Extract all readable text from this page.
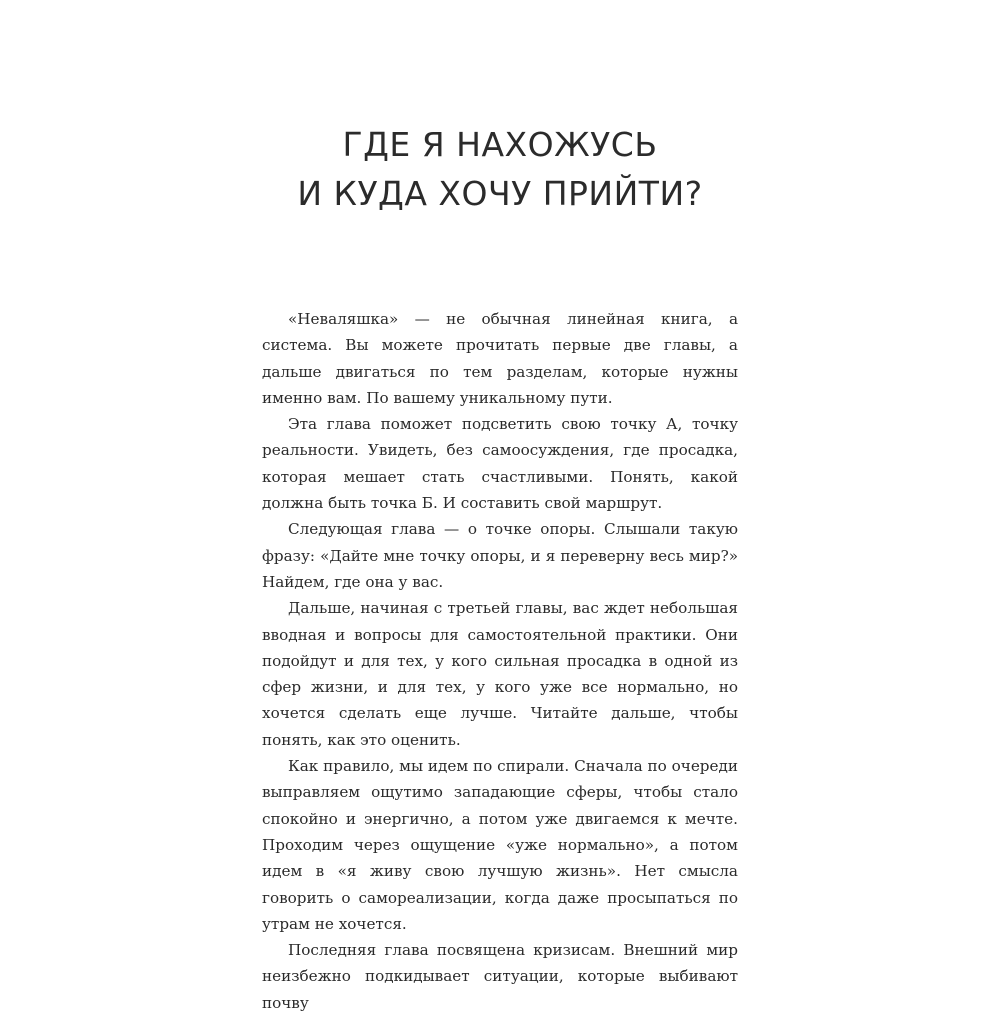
ГДЕ Я НАХОЖУСЬ
И КУДА ХОЧУ ПРИЙТИ?

«Неваляшка» — не обычная линейная книга, а система. Вы можете прочитать первые две главы, а дальше двигаться по тем разделам, которые нужны именно вам. По вашему уникальному пути.

Эта глава поможет подсветить свою точку А, точку реальности. Увидеть, без самоосуждения, где просадка, которая мешает стать счастливыми. Понять, какой должна быть точка Б. И составить свой маршрут.

Следующая глава — о точке опоры. Слышали такую фразу: «Дайте мне точку опоры, и я переверну весь мир?» Найдем, где она у вас.

Дальше, начиная с третьей главы, вас ждет небольшая вводная и вопросы для самостоятельной практики. Они подойдут и для тех, у кого сильная просадка в одной из сфер жизни, и для тех, у кого уже все нормально, но хочется сделать еще лучше. Читайте дальше, чтобы понять, как это оценить.

Как правило, мы идем по спирали. Сначала по очереди выправляем ощутимо западающие сферы, чтобы стало спокойно и энергично, а потом уже двигаемся к мечте. Проходим через ощущение «уже нормально», а потом идем в «я живу свою лучшую жизнь». Нет смысла говорить о самореализации, когда даже просыпаться по утрам не хочется.

Последняя глава посвящена кризисам. Внешний мир неизбежно подкидывает ситуации, которые выбивают почву
